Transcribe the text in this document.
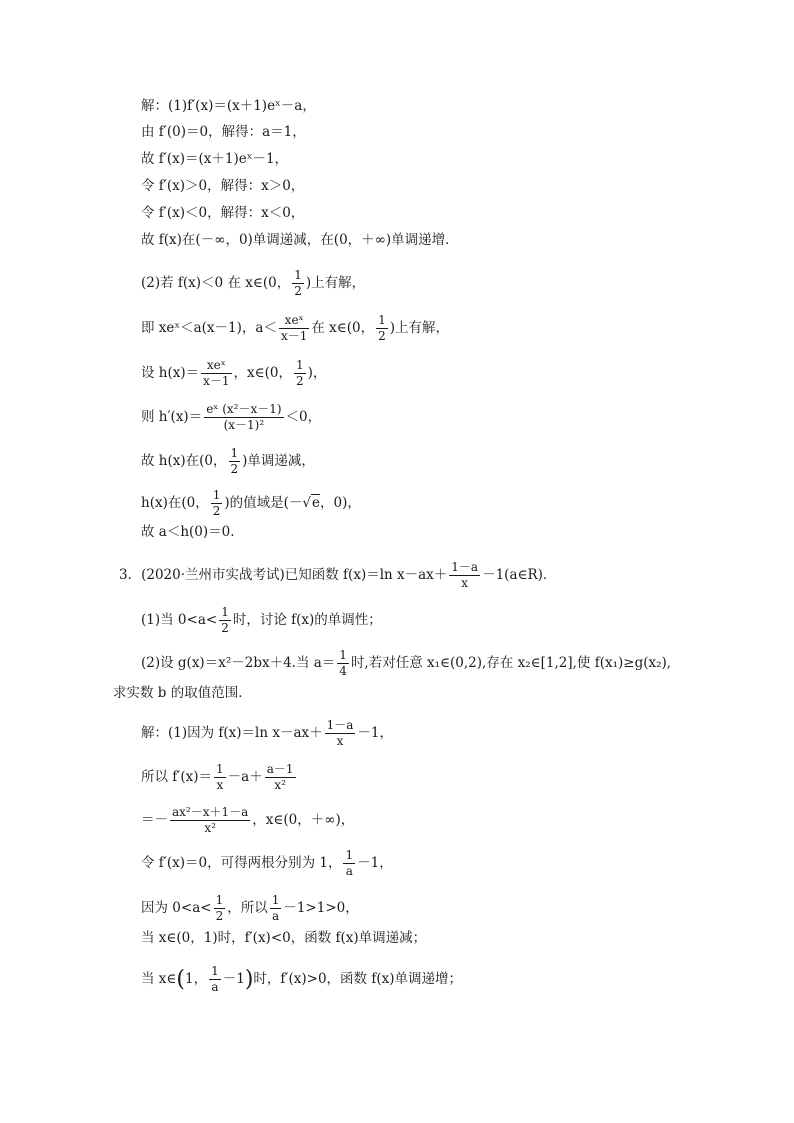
解：(1)f′(x)＝(x＋1)eˣ－a，
由 f′(0)＝0，解得：a＝1，
故 f′(x)＝(x＋1)eˣ－1，
令 f′(x)＞0，解得：x＞0，
令 f′(x)＜0，解得：x＜0，
故 f(x)在(－∞，0)单调递减，在(0，＋∞)单调递增．
(2)若 f(x)＜0 在 x∈(0， $\frac{1}{2}$ )上有解，
即 xeˣ＜a(x－1)，a＜ xeˣ
x－1 在 x∈(0， $\frac{1}{2}$ )上有解，
设 h(x)＝ xeˣ
x－1 ，x∈(0， $\frac{1}{2}$ )，
则 $h'(x)= \frac{\text{eˣ (x²－x－1)}}{\text{(x－1)²}} <0$，
故 h(x)在(0， $\frac{1}{2}$ )单调递减，
h(x)在(0， $\frac{1}{2}$ )的值域是(－√e，0)，
故 a＜h(0)＝0.
3．(2020·兰州市实战考试)已知函数 f(x)＝ln $x-ax+ \frac{1-a}{x}$ －1(a∈R)．
(1)当 $0<a< \frac{1}{2}$ 时，讨论 f(x)的单调性；
(2)设 g(x)＝x²－2bx＋4.当 $a= \frac{1}{4}$ 时,若对任意 x₁∈(0,2),存在 x₂∈[1,2],使 f(x₁)≥g(x₂),
求实数 b 的取值范围．
解：(1)因为 f(x)＝ln $x-ax+ \frac{1-a}{x} -1$，
所以 $f'(x)= \frac{1}{x} -a+ \frac{a-1}{\text{x²}}$
＝－ $\frac{\text{ax²－x＋1－a}}{\text{x²}}$ ，x∈(0，＋∞)，
令 f′(x)＝0，可得两根分别为 1， $\frac{1}{a} -1$，
因为 $0<a< \frac{1}{2}$ ，所以 $\frac{1}{a} -1>1>0$，
当 x∈(0，1)时，f′(x)<0，函数 f(x)单调递减；
当 x∈(1， $\frac{1}{a} -1$)时，f′(x)>0，函数 f(x)单调递增；
